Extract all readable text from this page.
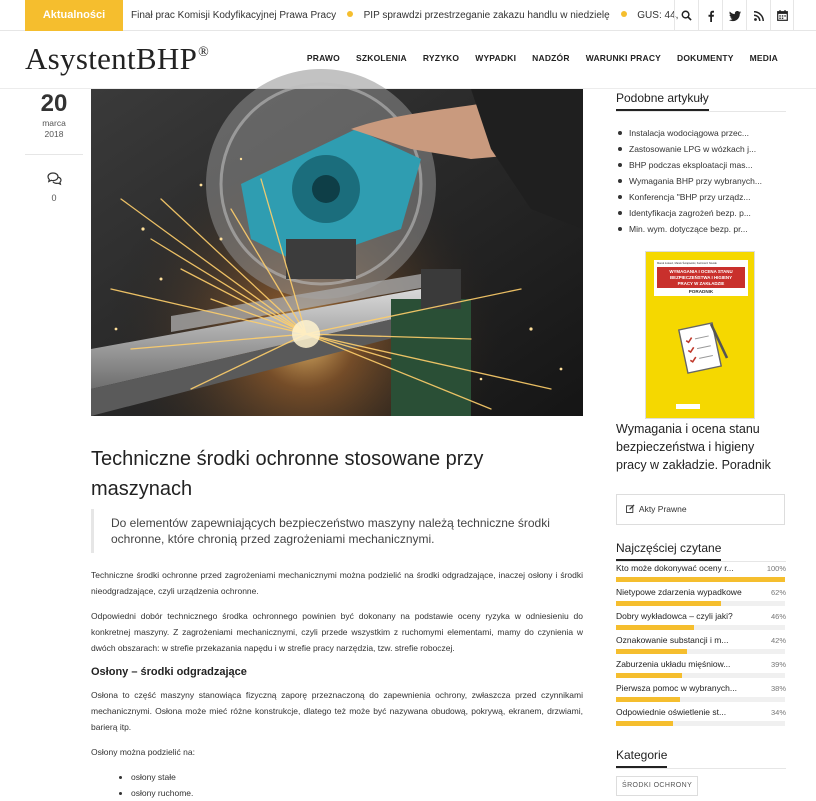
Aktualności	Finał prac Komisji Kodyfikacyjnej Prawa Pracy	PIP sprawdzi przestrzeganie zakazu handlu w niedzielę	GUS: 44,
AsystentBHP®	PRAWO SZKOLENIA RYZYKO WYPADKI NADZÓR WARUNKI PRACY DOKUMENTY MEDIA
20
marca
2018
0
Techniczne środki ochronne stosowane przy maszynach
Do elementów zapewniających bezpieczeństwo maszyny należą techniczne środki ochronne, które chronią przed zagrożeniami mechanicznymi.

Techniczne środki ochronne przed zagrożeniami mechanicznymi można podzielić na środki odgradzające, inaczej osłony i środki nieodgradzające, czyli urządzenia ochronne.

Odpowiedni dobór technicznego środka ochronnego powinien być dokonany na podstawie oceny ryzyka w odniesieniu do konkretnej maszyny. Z zagrożeniami mechanicznymi, czyli przede wszystkim z ruchomymi elementami, mamy do czynienia w dwóch obszarach: w strefie przekazania napędu i w strefie pracy narzędzia, tzw. strefie roboczej.

Osłony – środki odgradzające

Osłona to część maszyny stanowiąca fizyczną zaporę przeznaczoną do zapewnienia ochrony, zwłaszcza przed czynnikami mechanicznymi. Osłona może mieć różne konstrukcje, dlatego też może być nazywana obudową, pokrywą, ekranem, drzwiami, barierą itp.

Osłony można podzielić na:

• osłony stałe
• osłony ruchome.
Podobne artykuły
Instalacja wodociągowa przec...
Zastosowanie LPG w wózkach j...
BHP podczas eksploatacji mas...
Wymagania BHP przy wybranych...
Konferencja "BHP przy urządz...
Identyfikacja zagrożeń bezp. p...
Min. wym. dotyczące bezp. pr...
Marek Łukasz, Marek Świątowski, Kazimierz Nowak
WYMAGANIA I OCENA STANU
BEZPIECZEŃSTWA I HIGIENY
PRACY W ZAKŁADZIE
PORADNIK
Wymagania i ocena stanu bezpieczeństwa i higieny pracy w zakładzie. Poradnik
Akty Prawne
Najczęściej czytane
Kto może dokonywać oceny r...	100%
Nietypowe zdarzenia wypadkowe	62%
Dobry wykładowca – czyli jaki?	46%
Oznakowanie substancji i m...	42%
Zaburzenia układu mięśniow...	39%
Pierwsza pomoc w wybranych...	38%
Odpowiednie oświetlenie st...	34%
Kategorie
ŚRODKI OCHRONY
